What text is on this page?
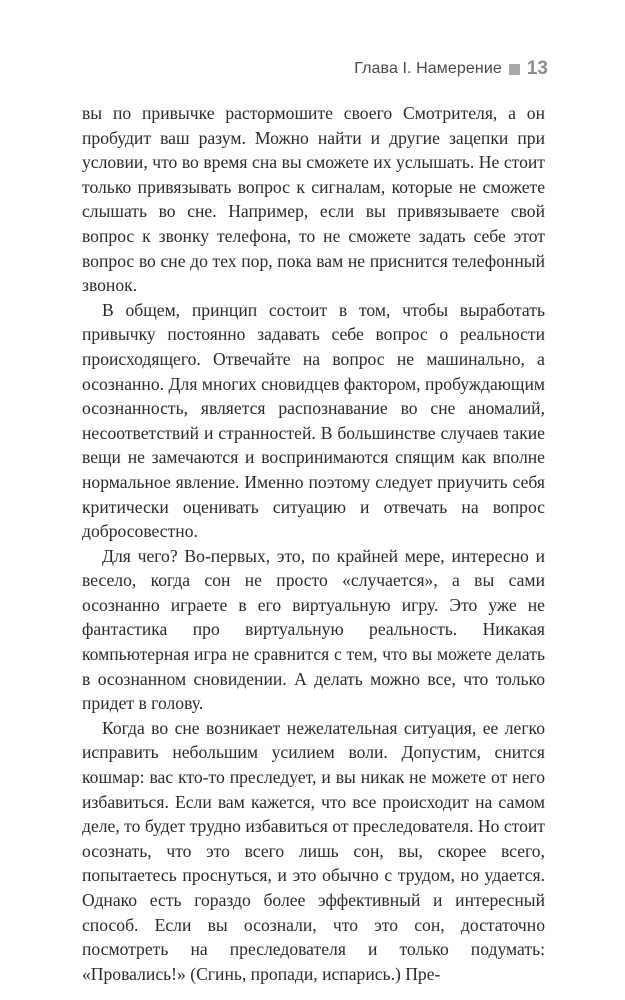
Глава I. Намерение 13

вы по привычке растормошите своего Смотрителя, а он пробудит ваш разум. Можно найти и другие зацепки при условии, что во время сна вы сможете их услышать. Не стоит только привязывать вопрос к сигналам, которые не сможете слышать во сне. Например, если вы привязываете свой вопрос к звонку телефона, то не сможете задать себе этот вопрос во сне до тех пор, пока вам не приснится телефонный звонок.

В общем, принцип состоит в том, чтобы выработать привычку постоянно задавать себе вопрос о реальности происходящего. Отвечайте на вопрос не машинально, а осознанно. Для многих сновидцев фактором, пробуждающим осознанность, является распознавание во сне аномалий, несоответствий и странностей. В большинстве случаев такие вещи не замечаются и воспринимаются спящим как вполне нормальное явление. Именно поэтому следует приучить себя критически оценивать ситуацию и отвечать на вопрос добросовестно.

Для чего? Во-первых, это, по крайней мере, интересно и весело, когда сон не просто «случается», а вы сами осознанно играете в его виртуальную игру. Это уже не фантастика про виртуальную реальность. Никакая компьютерная игра не сравнится с тем, что вы можете делать в осознанном сновидении. А делать можно все, что только придет в голову.

Когда во сне возникает нежелательная ситуация, ее легко исправить небольшим усилием воли. Допустим, снится кошмар: вас кто-то преследует, и вы никак не можете от него избавиться. Если вам кажется, что все происходит на самом деле, то будет трудно избавиться от преследователя. Но стоит осознать, что это всего лишь сон, вы, скорее всего, попытаетесь проснуться, и это обычно с трудом, но удается. Однако есть гораздо более эффективный и интересный способ. Если вы осознали, что это сон, достаточно посмотреть на преследователя и только подумать: «Провались!» (Сгинь, пропади, испарись.) Пре-
